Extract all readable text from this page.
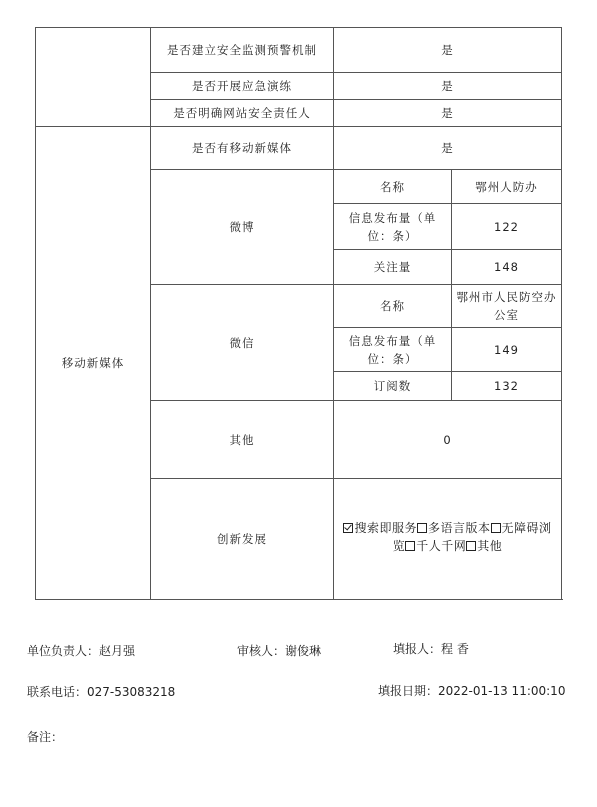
	是否建立安全监测预警机制	是	
	是否开展应急演练	是	
	是否明确网站安全责任人	是	
移动新媒体	是否有移动新媒体	是	
	微博	名称	鄂州人防办
		信息发布量（单位：条）	122
		关注量	148
	微信	名称	鄂州市人民防空办公室
		信息发布量（单位：条）	149
		订阅数	132
	其他	0	
	创新发展	搜索即服务 多语言版本 无障碍浏览 千人千网 其他	
单位负责人：赵月强	审核人：谢俊琳	填报人：程 香
联系电话：027-53083218	填报日期：2022-01-13 11:00:10
备注：
